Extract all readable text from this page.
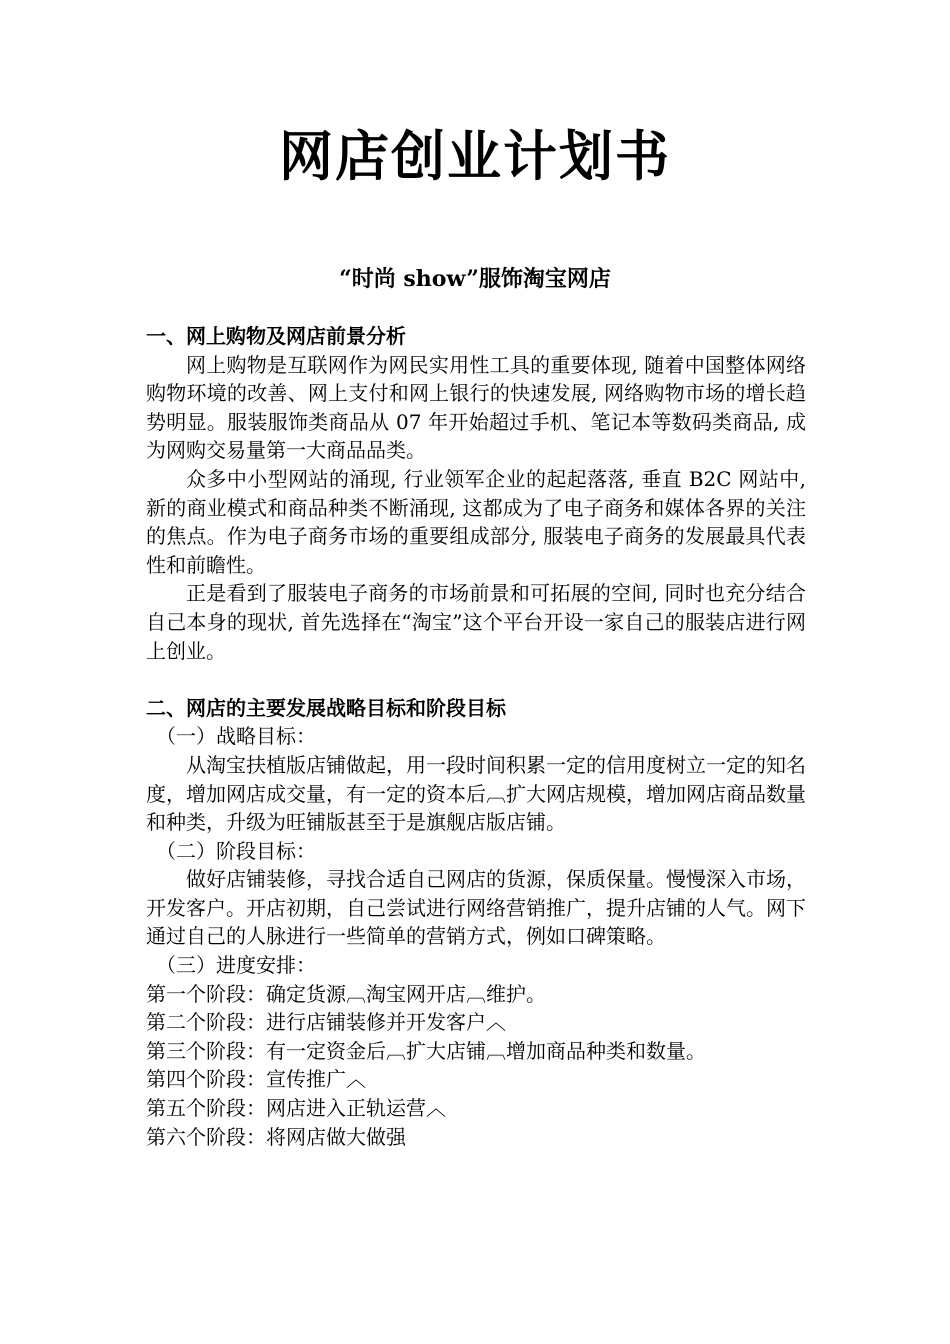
网店创业计划书
“时尚 show”服饰淘宝网店
一、网上购物及网店前景分析
网上购物是互联网作为网民实用性工具的重要体现, 随着中国整体网络购物环境的改善、网上支付和网上银行的快速发展, 网络购物市场的增长趋势明显。服装服饰类商品从 07 年开始超过手机、笔记本等数码类商品, 成为网购交易量第一大商品品类。
众多中小型网站的涌现, 行业领军企业的起起落落, 垂直 B2C 网站中, 新的商业模式和商品种类不断涌现, 这都成为了电子商务和媒体各界的关注的焦点。作为电子商务市场的重要组成部分, 服装电子商务的发展最具代表性和前瞻性。
正是看到了服装电子商务的市场前景和可拓展的空间, 同时也充分结合自己本身的现状, 首先选择在“淘宝”这个平台开设一家自己的服装店进行网上创业。
二、网店的主要发展战略目标和阶段目标
（一）战略目标：
从淘宝扶植版店铺做起，用一段时间积累一定的信用度树立一定的知名度，增加网店成交量，有一定的资本后︹扩大网店规模，增加网店商品数量和种类，升级为旺铺版甚至于是旗舰店版店铺。
（二）阶段目标：
做好店铺装修，寻找合适自己网店的货源，保质保量。慢慢深入市场，开发客户。开店初期，自己尝试进行网络营销推广，提升店铺的人气。网下通过自己的人脉进行一些简单的营销方式，例如口碑策略。
（三）进度安排：
第一个阶段：确定货源︹淘宝网开店︹维护。
第二个阶段：进行店铺装修并开发客户︿
第三个阶段：有一定资金后︹扩大店铺︹增加商品种类和数量。
第四个阶段：宣传推广︿
第五个阶段：网店进入正轨运营︿
第六个阶段：将网店做大做强
